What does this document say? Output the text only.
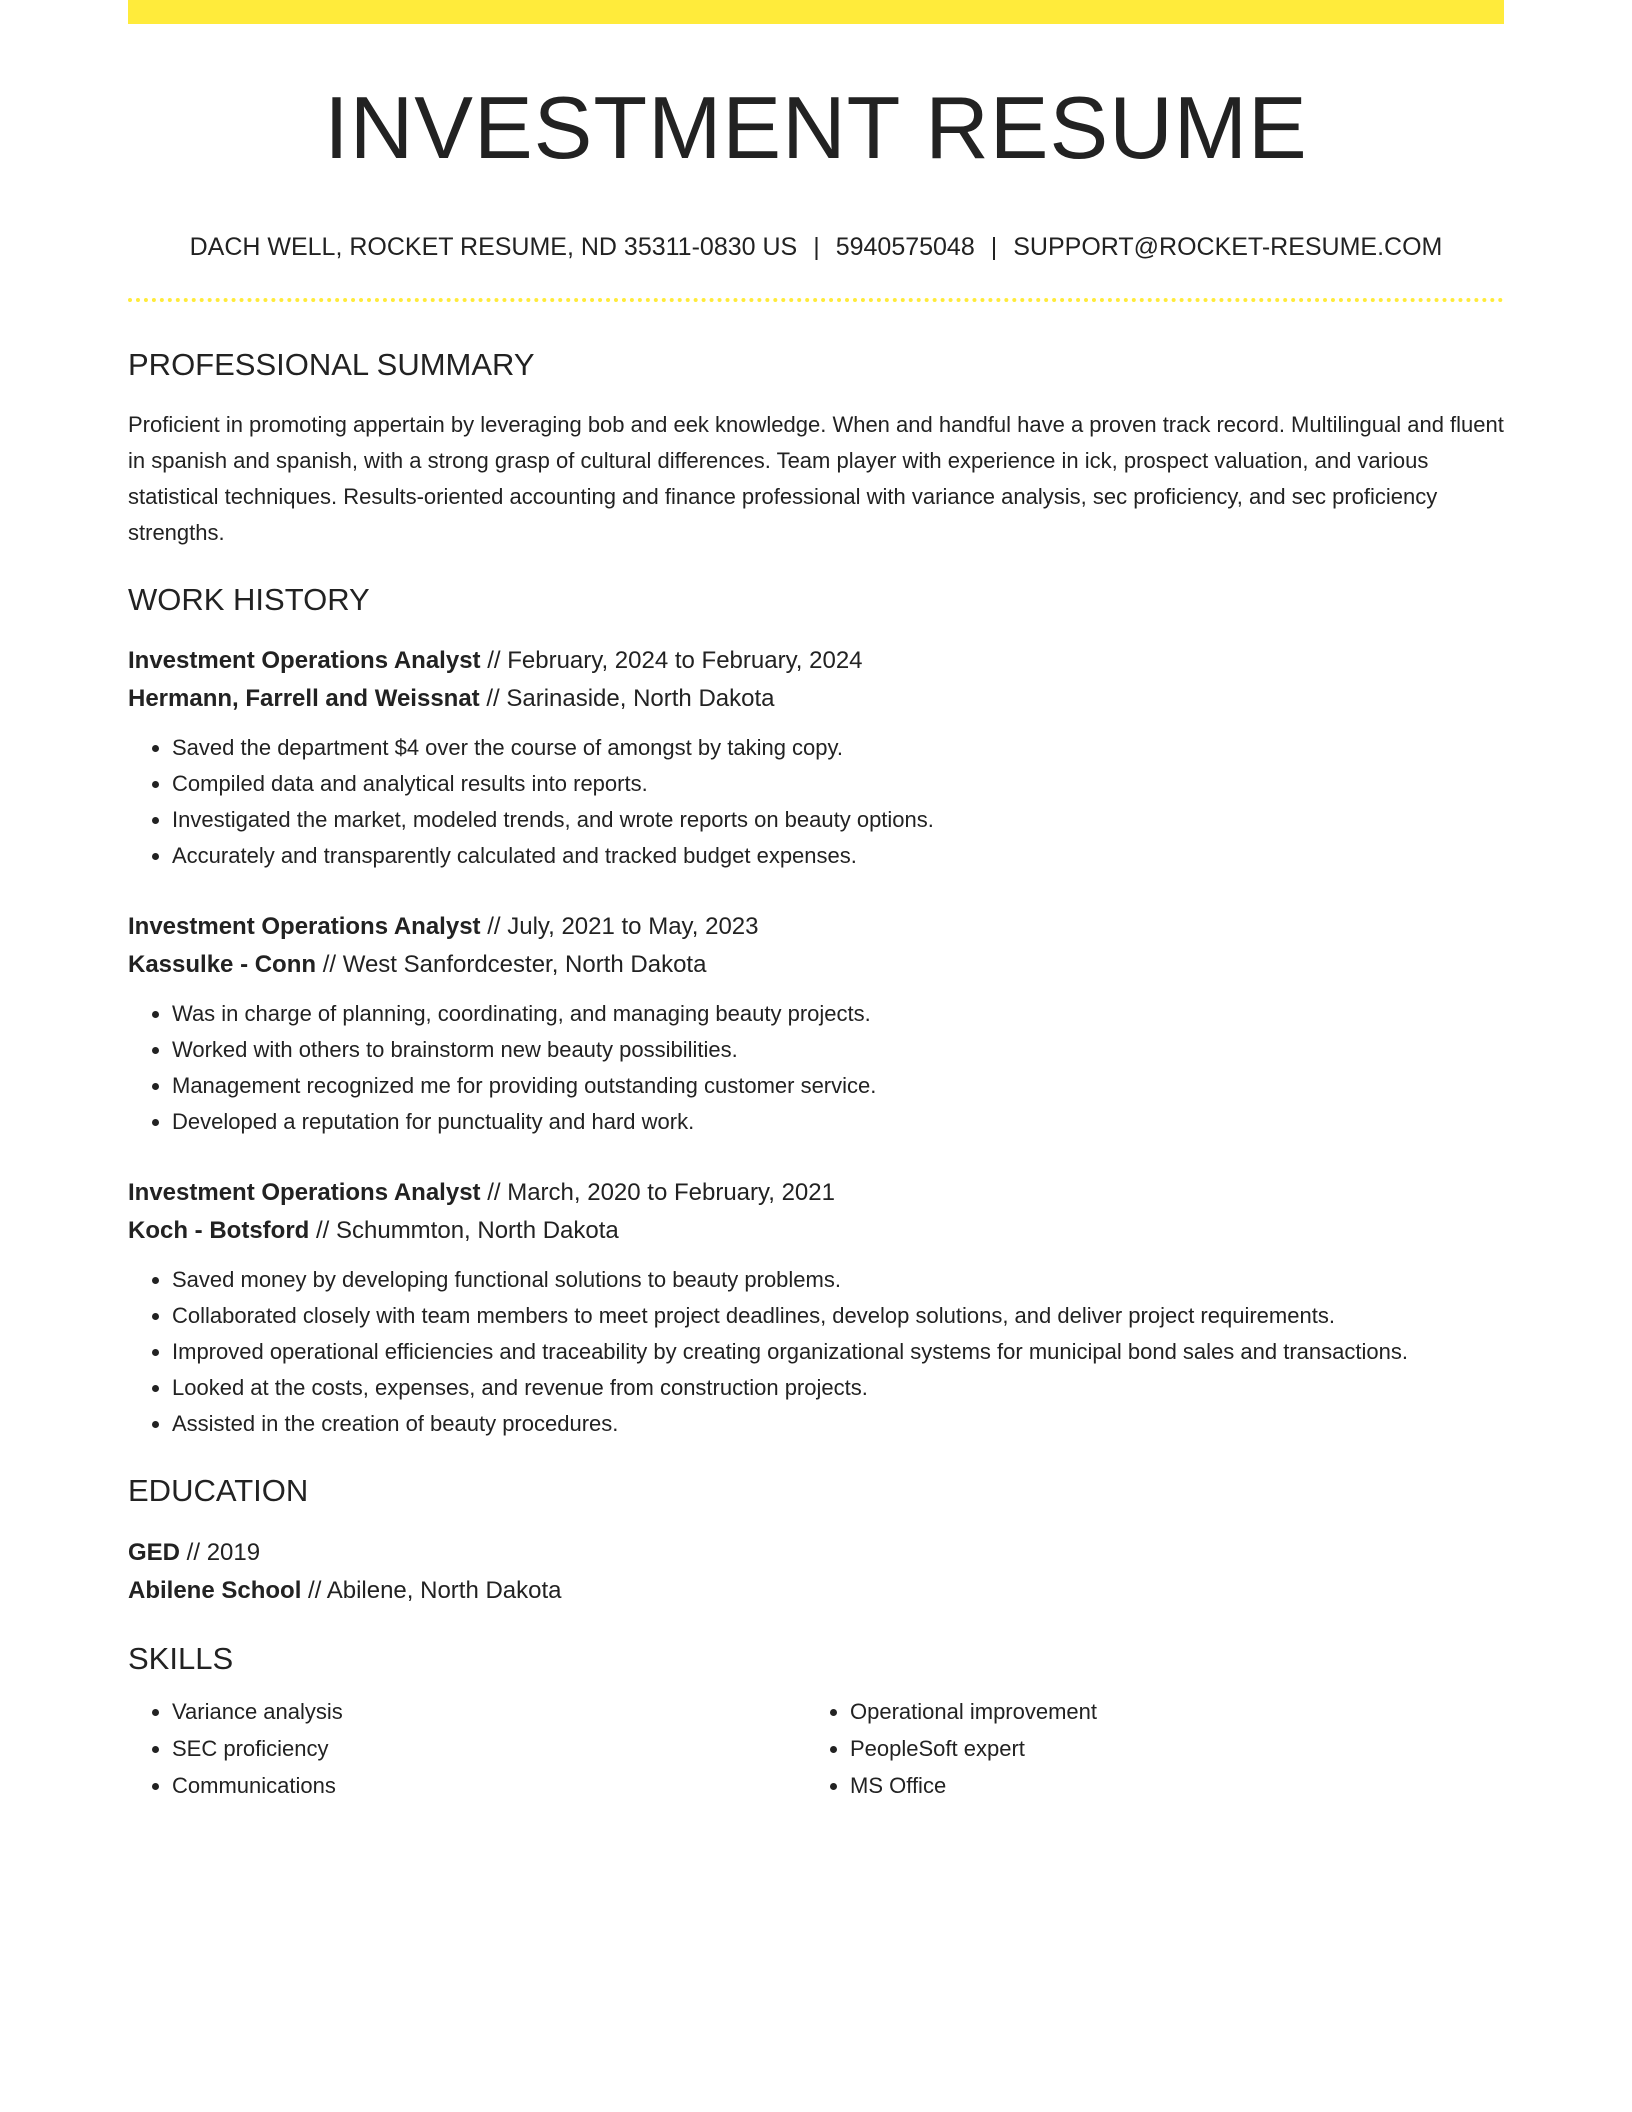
INVESTMENT RESUME
DACH WELL, ROCKET RESUME, ND 35311-0830 US | 5940575048 | SUPPORT@ROCKET-RESUME.COM
PROFESSIONAL SUMMARY

Proficient in promoting appertain by leveraging bob and eek knowledge. When and handful have a proven track record. Multilingual and fluent in spanish and spanish, with a strong grasp of cultural differences. Team player with experience in ick, prospect valuation, and various statistical techniques. Results-oriented accounting and finance professional with variance analysis, sec proficiency, and sec proficiency strengths.

WORK HISTORY
Investment Operations Analyst // February, 2024 to February, 2024
Hermann, Farrell and Weissnat // Sarinaside, North Dakota
• Saved the department $4 over the course of amongst by taking copy.
• Compiled data and analytical results into reports.
• Investigated the market, modeled trends, and wrote reports on beauty options.
• Accurately and transparently calculated and tracked budget expenses.
Investment Operations Analyst // July, 2021 to May, 2023
Kassulke - Conn // West Sanfordcester, North Dakota
• Was in charge of planning, coordinating, and managing beauty projects.
• Worked with others to brainstorm new beauty possibilities.
• Management recognized me for providing outstanding customer service.
• Developed a reputation for punctuality and hard work.
Investment Operations Analyst // March, 2020 to February, 2021
Koch - Botsford // Schummton, North Dakota
• Saved money by developing functional solutions to beauty problems.
• Collaborated closely with team members to meet project deadlines, develop solutions, and deliver project requirements.
• Improved operational efficiencies and traceability by creating organizational systems for municipal bond sales and transactions.
• Looked at the costs, expenses, and revenue from construction projects.
• Assisted in the creation of beauty procedures.
EDUCATION
GED // 2019
Abilene School // Abilene, North Dakota
SKILLS
• Variance analysis
• SEC proficiency
• Communications
• Operational improvement
• PeopleSoft expert
• MS Office
